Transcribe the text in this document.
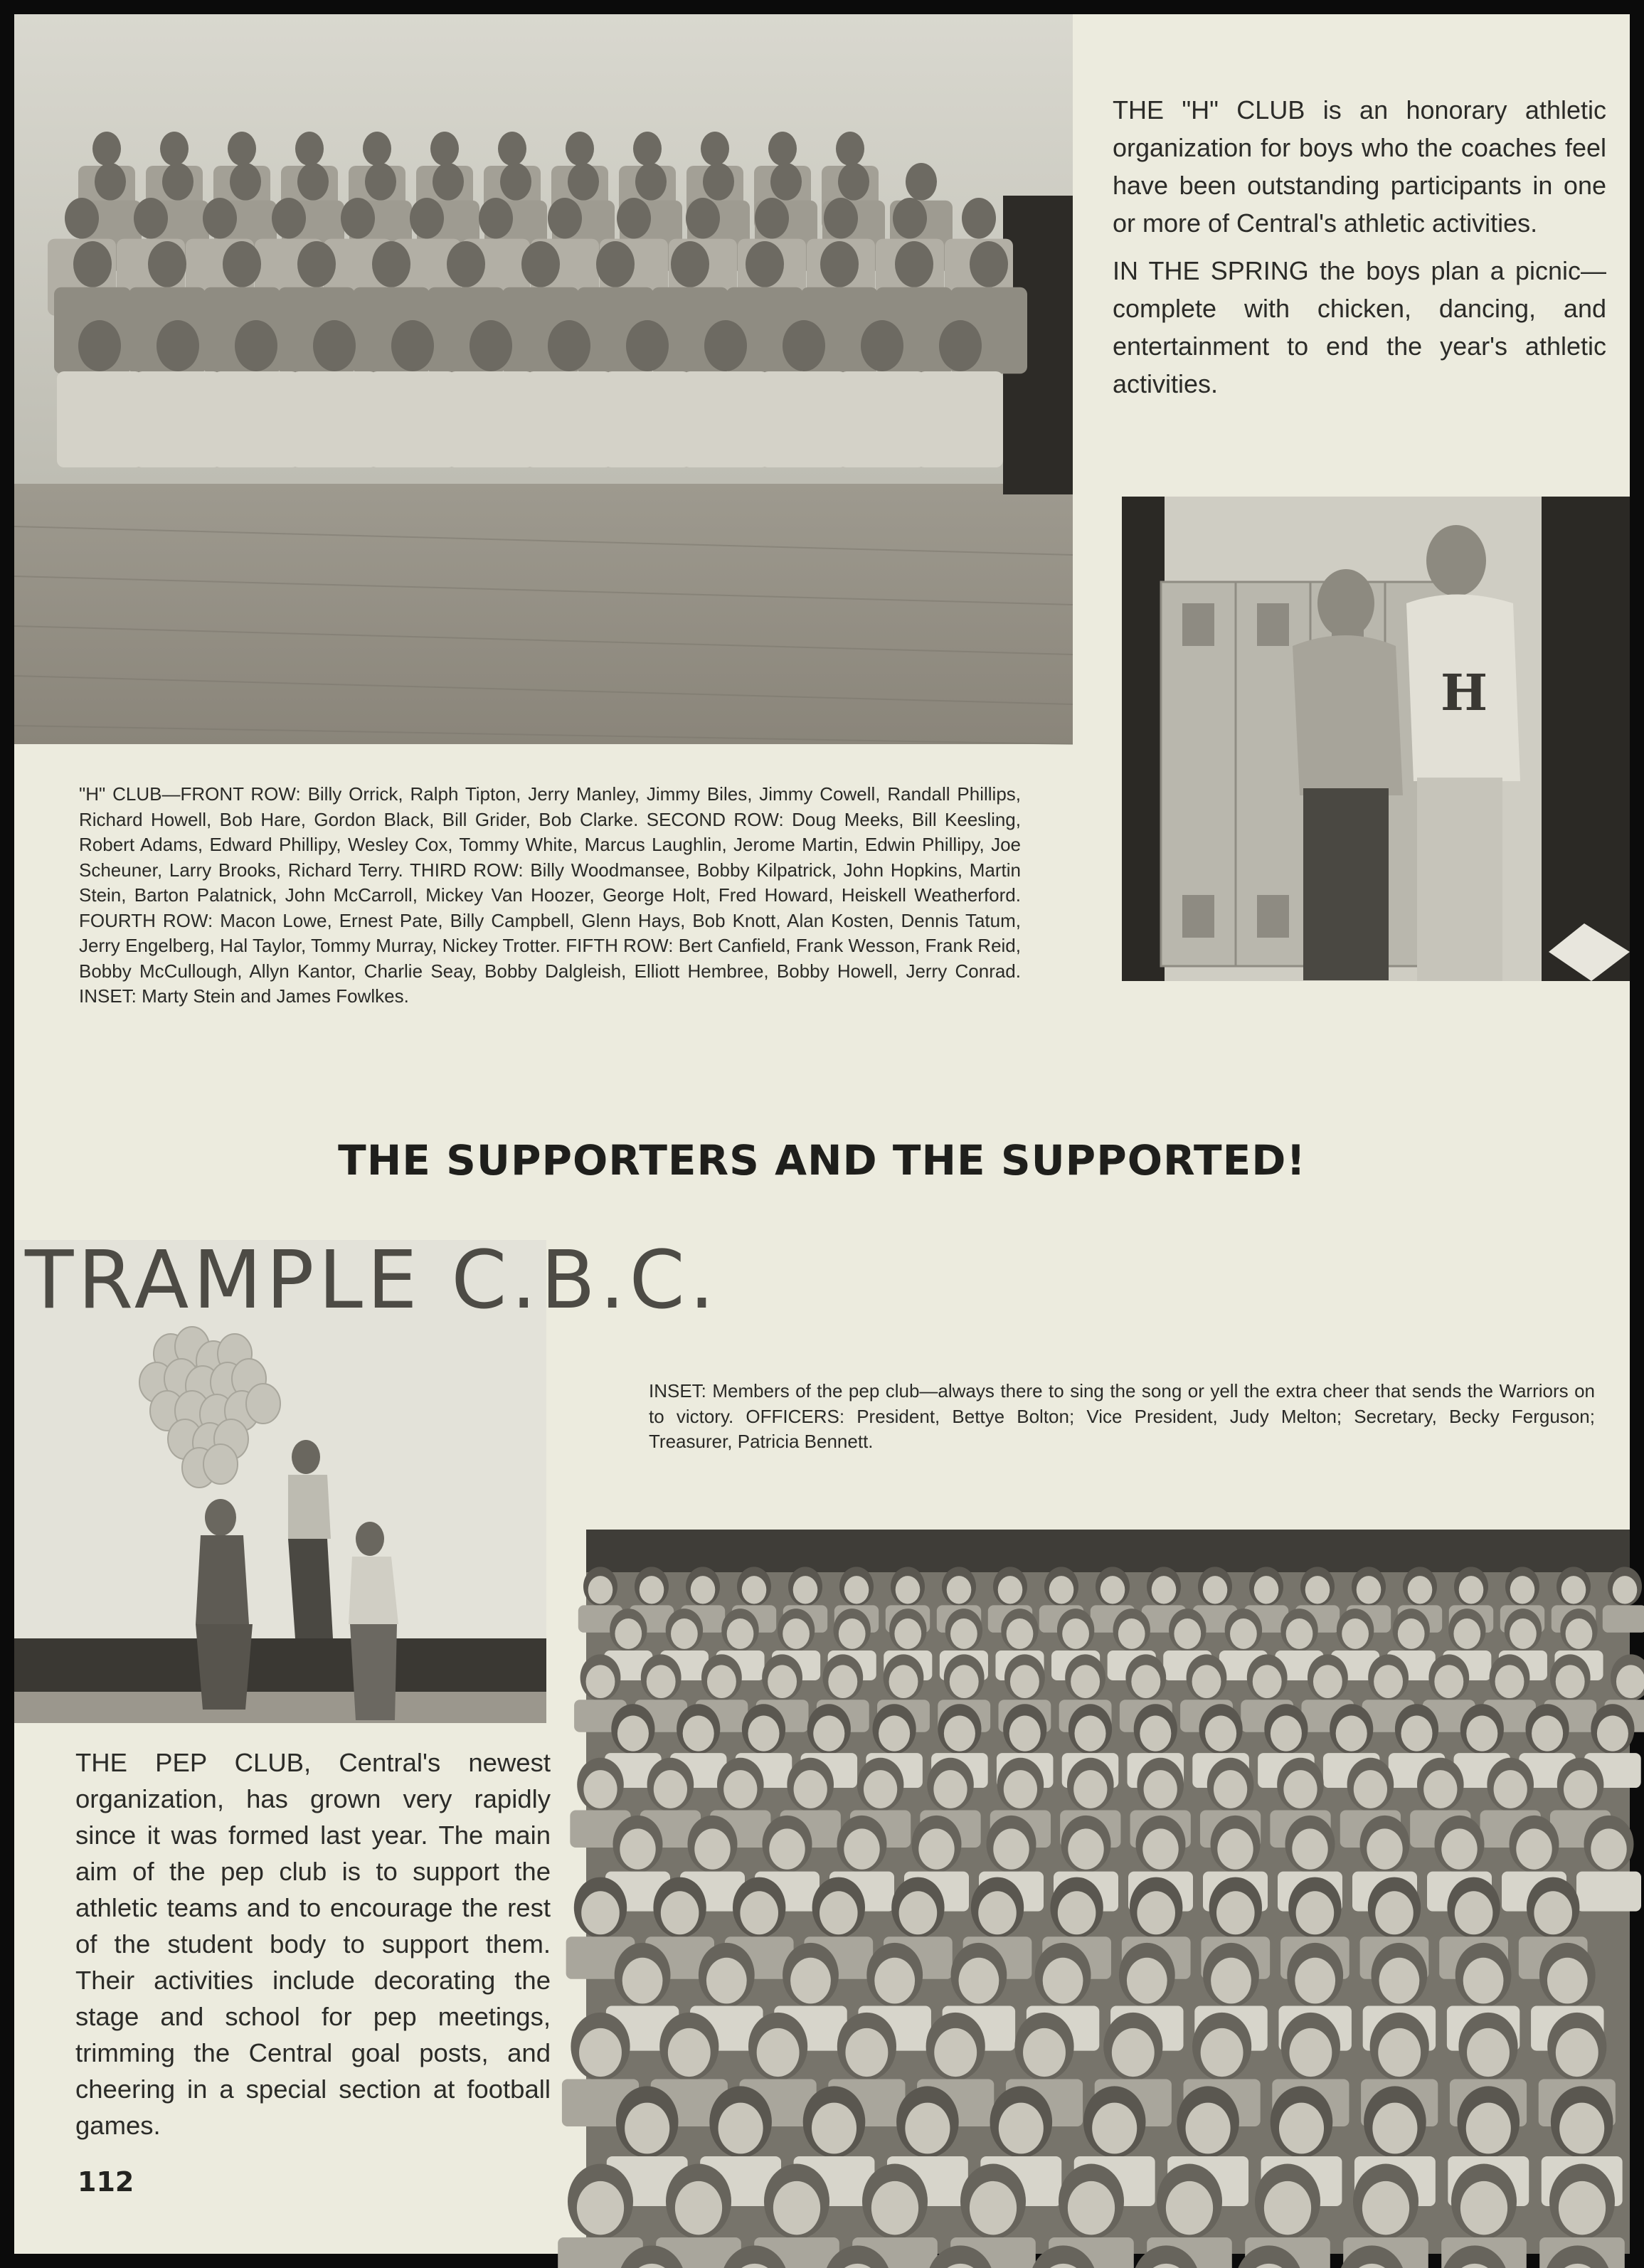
THE "H" CLUB is an honorary athletic organization for boys who the coaches feel have been outstanding participants in one or more of Central's athletic activities.

IN THE SPRING the boys plan a picnic—complete with chicken, dancing, and entertainment to end the year's athletic activities.

H
"H" CLUB—FRONT ROW: Billy Orrick, Ralph Tipton, Jerry Manley, Jimmy Biles, Jimmy Cowell, Randall Phillips, Richard Howell, Bob Hare, Gordon Black, Bill Grider, Bob Clarke. SECOND ROW: Doug Meeks, Bill Keesling, Robert Adams, Edward Phillipy, Wesley Cox, Tommy White, Marcus Laughlin, Jerome Martin, Edwin Phillipy, Joe Scheuner, Larry Brooks, Richard Terry. THIRD ROW: Billy Woodmansee, Bobby Kilpatrick, John Hopkins, Martin Stein, Barton Palatnick, John McCarroll, Mickey Van Hoozer, George Holt, Fred Howard, Heiskell Weatherford. FOURTH ROW: Macon Lowe, Ernest Pate, Billy Campbell, Glenn Hays, Bob Knott, Alan Kosten, Dennis Tatum, Jerry Engelberg, Hal Taylor, Tommy Murray, Nickey Trotter. FIFTH ROW: Bert Canfield, Frank Wesson, Frank Reid, Bobby McCullough, Allyn Kantor, Charlie Seay, Bobby Dalgleish, Elliott Hembree, Bobby Howell, Jerry Conrad. INSET: Marty Stein and James Fowlkes.
THE SUPPORTERS AND THE SUPPORTED!
TRAMPLE C.B.C.
INSET: Members of the pep club—always there to sing the song or yell the extra cheer that sends the Warriors on to victory. OFFICERS: President, Bettye Bolton; Vice President, Judy Melton; Secretary, Becky Ferguson; Treasurer, Patricia Bennett.

THE PEP CLUB, Central's newest organization, has grown very rapidly since it was formed last year. The main aim of the pep club is to support the athletic teams and to encourage the rest of the student body to support them. Their activities include decorating the stage and school for pep meetings, trimming the Central goal posts, and cheering in a special section at football games.

112
